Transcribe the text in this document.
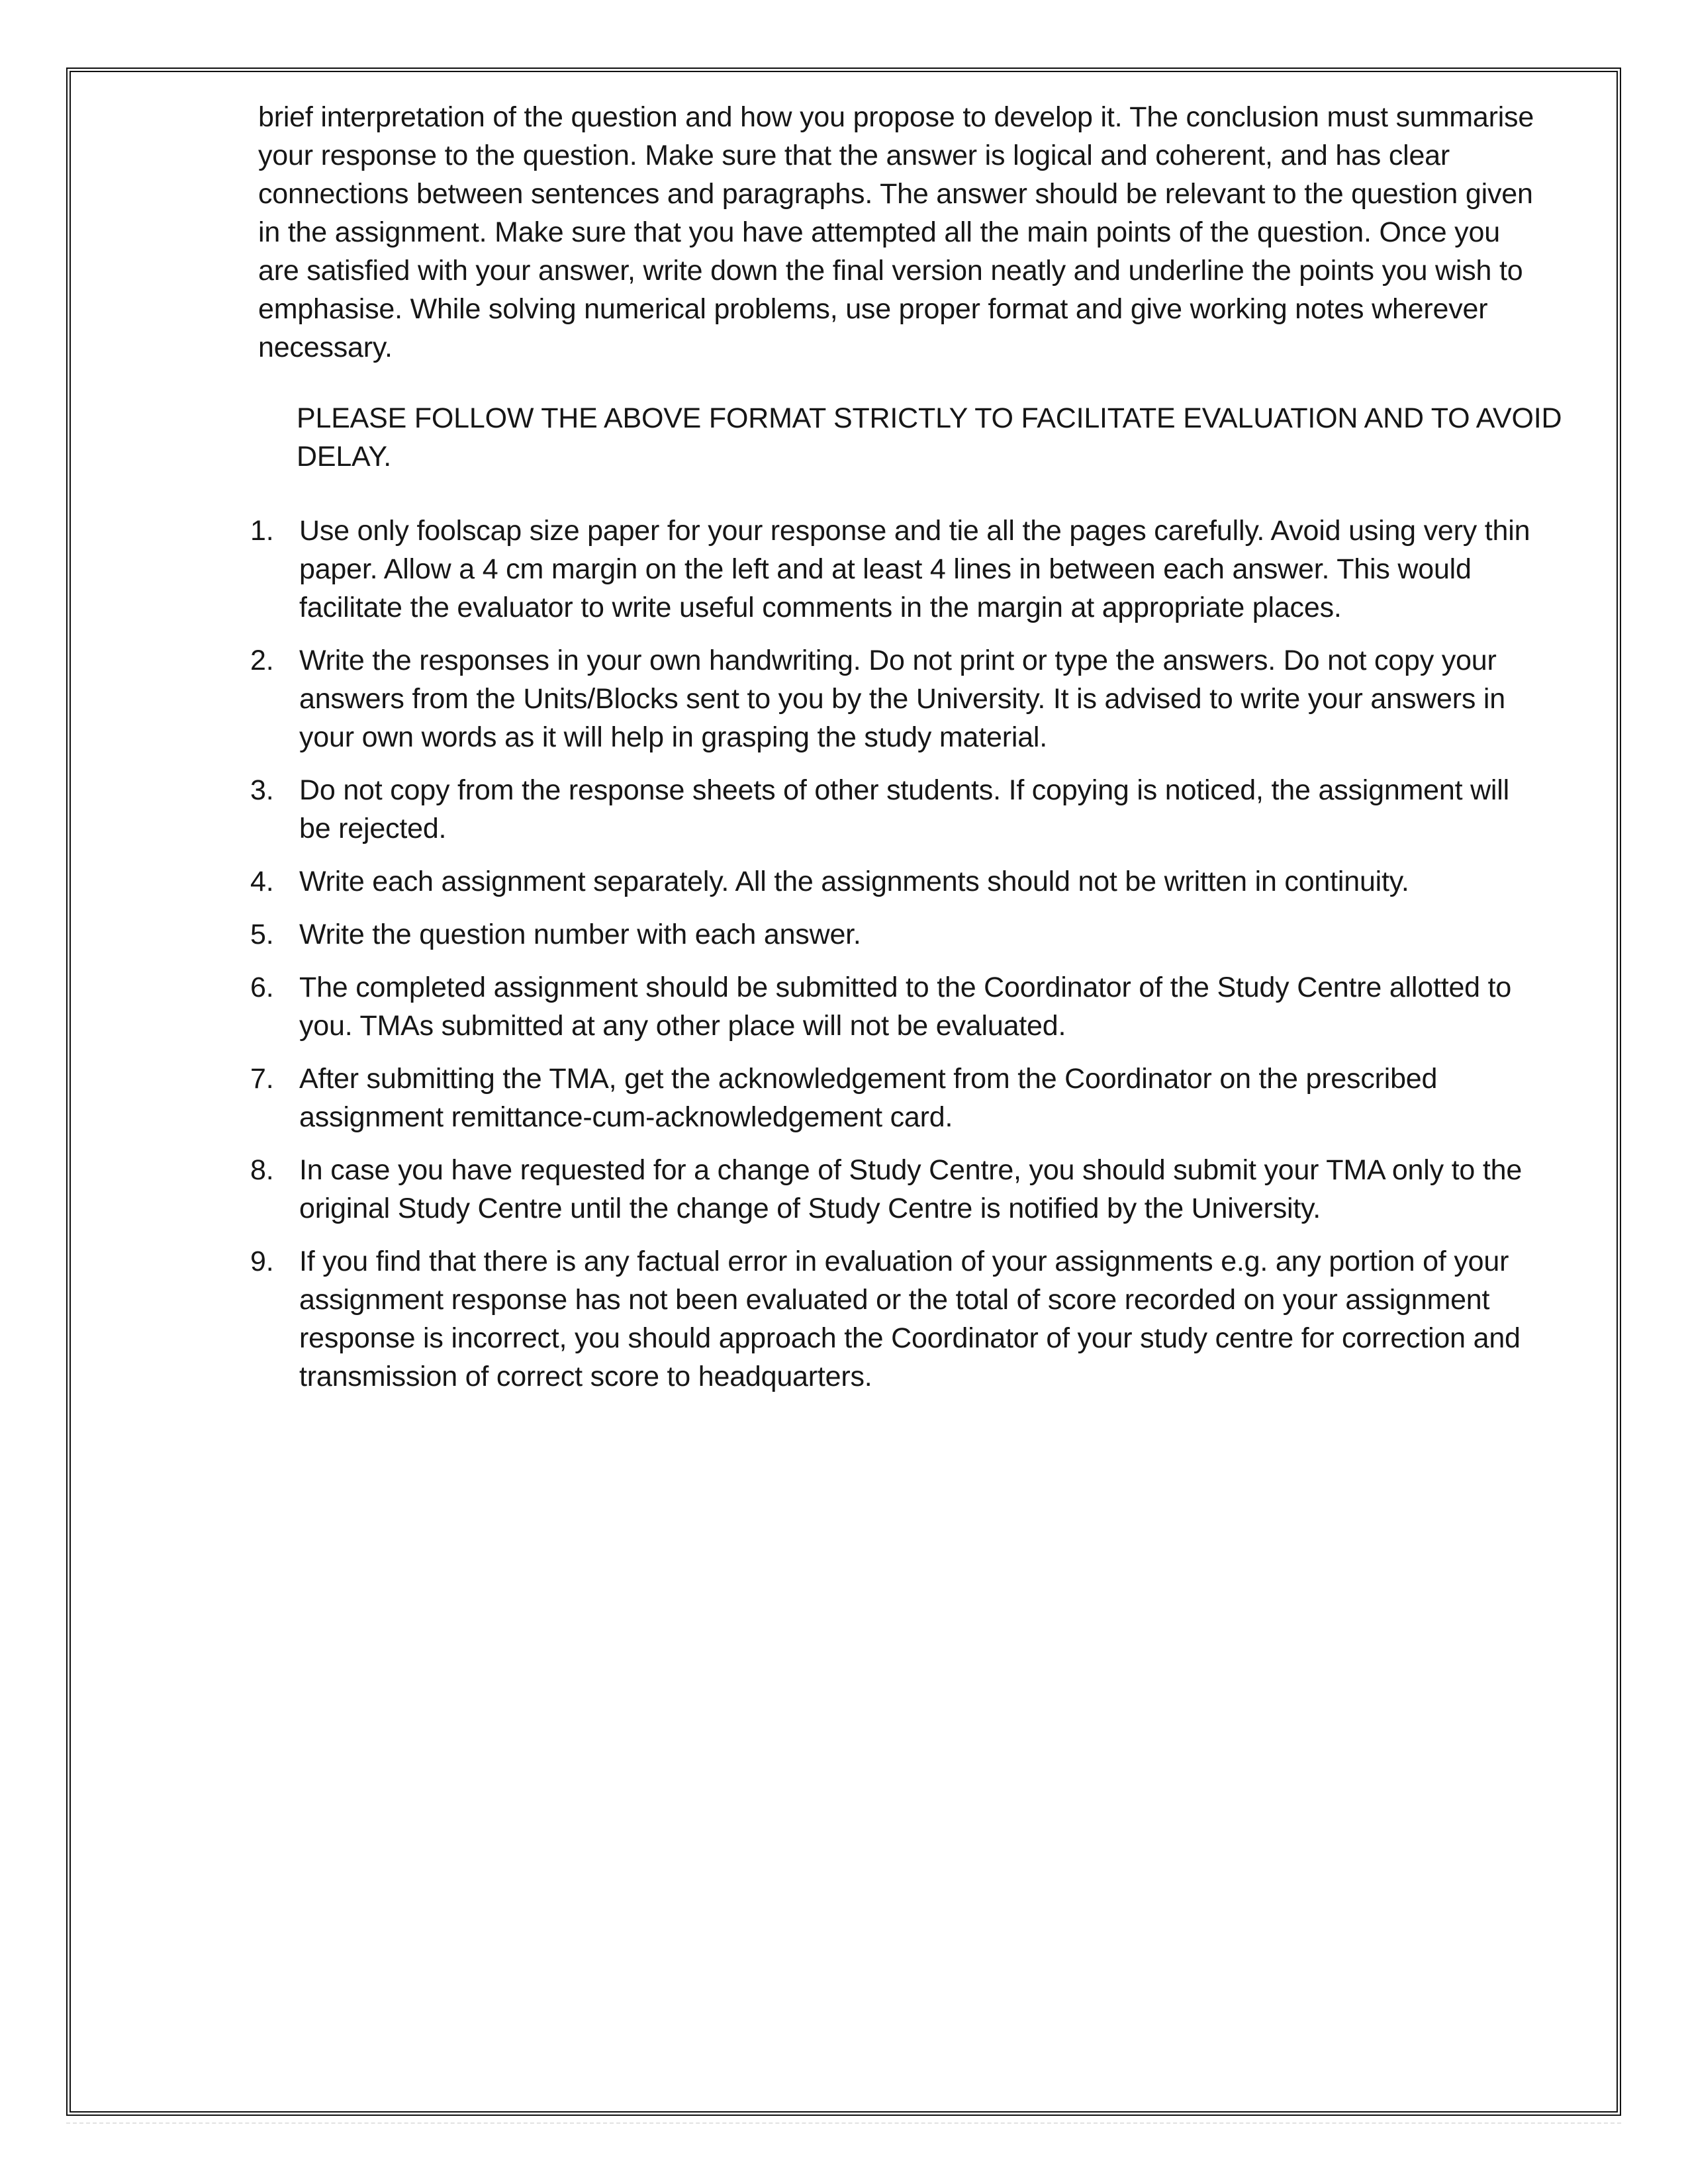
brief interpretation of the question and how you propose to develop it. The conclusion must summarise your response to the question. Make sure that the answer is logical and coherent, and has clear connections between sentences and paragraphs. The answer should be relevant to the question given in the assignment. Make sure that you have attempted all the main points of the question. Once you are satisfied with your answer, write down the final version neatly and underline the points you wish to emphasise. While solving numerical problems, use proper format and give working notes wherever necessary.

PLEASE FOLLOW THE ABOVE FORMAT STRICTLY TO FACILITATE EVALUATION AND TO AVOID DELAY.

1. Use only foolscap size paper for your response and tie all the pages carefully. Avoid using very thin paper. Allow a 4 cm margin on the left and at least 4 lines in between each answer. This would facilitate the evaluator to write useful comments in the margin at appropriate places.
2. Write the responses in your own handwriting. Do not print or type the answers. Do not copy your answers from the Units/Blocks sent to you by the University. It is advised to write your answers in your own words as it will help in grasping the study material.
3. Do not copy from the response sheets of other students. If copying is noticed, the assignment will be rejected.
4. Write each assignment separately. All the assignments should not be written in continuity.
5. Write the question number with each answer.
6. The completed assignment should be submitted to the Coordinator of the Study Centre allotted to you. TMAs submitted at any other place will not be evaluated.
7. After submitting the TMA, get the acknowledgement from the Coordinator on the prescribed assignment remittance-cum-acknowledgement card.
8. In case you have requested for a change of Study Centre, you should submit your TMA only to the original Study Centre until the change of Study Centre is notified by the University.
9. If you find that there is any factual error in evaluation of your assignments e.g. any portion of your assignment response has not been evaluated or the total of score recorded on your assignment response is incorrect, you should approach the Coordinator of your study centre for correction and transmission of correct score to headquarters.
